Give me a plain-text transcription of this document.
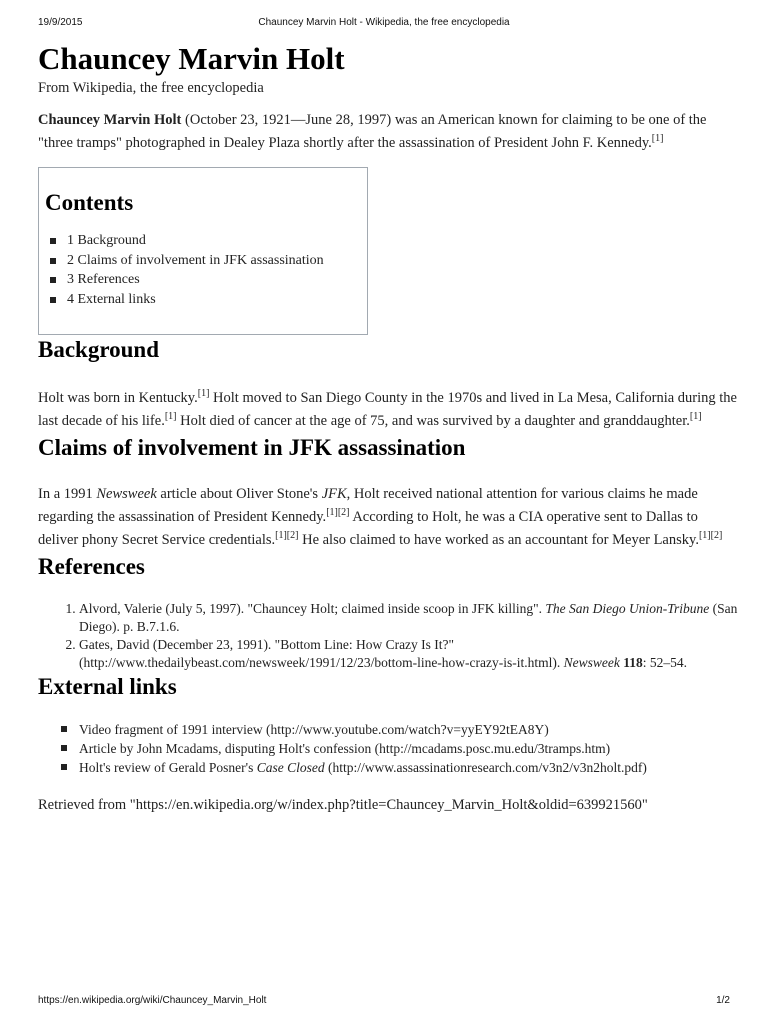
19/9/2015	Chauncey Marvin Holt - Wikipedia, the free encyclopedia
Chauncey Marvin Holt
From Wikipedia, the free encyclopedia

Chauncey Marvin Holt (October 23, 1921—June 28, 1997) was an American known for claiming to be one of the "three tramps" photographed in Dealey Plaza shortly after the assassination of President John F. Kennedy.[1]

Contents
1 Background
2 Claims of involvement in JFK assassination
3 References
4 External links
Background

Holt was born in Kentucky.[1] Holt moved to San Diego County in the 1970s and lived in La Mesa, California during the last decade of his life.[1] Holt died of cancer at the age of 75, and was survived by a daughter and granddaughter.[1]

Claims of involvement in JFK assassination

In a 1991 Newsweek article about Oliver Stone's JFK, Holt received national attention for various claims he made regarding the assassination of President Kennedy.[1][2] According to Holt, he was a CIA operative sent to Dallas to deliver phony Secret Service credentials.[1][2] He also claimed to have worked as an accountant for Meyer Lansky.[1][2]

References
1. Alvord, Valerie (July 5, 1997). "Chauncey Holt; claimed inside scoop in JFK killing". The San Diego Union-Tribune (San Diego). p. B.7.1.6.
2. Gates, David (December 23, 1991). "Bottom Line: How Crazy Is It?" (http://www.thedailybeast.com/newsweek/1991/12/23/bottom-line-how-crazy-is-it.html). Newsweek 118: 52–54.
External links
Video fragment of 1991 interview (http://www.youtube.com/watch?v=yyEY92tEA8Y)
Article by John Mcadams, disputing Holt's confession (http://mcadams.posc.mu.edu/3tramps.htm)
Holt's review of Gerald Posner's Case Closed (http://www.assassinationresearch.com/v3n2/v3n2holt.pdf)
Retrieved from "https://en.wikipedia.org/w/index.php?title=Chauncey_Marvin_Holt&oldid=639921560"
https://en.wikipedia.org/wiki/Chauncey_Marvin_Holt	1/2
